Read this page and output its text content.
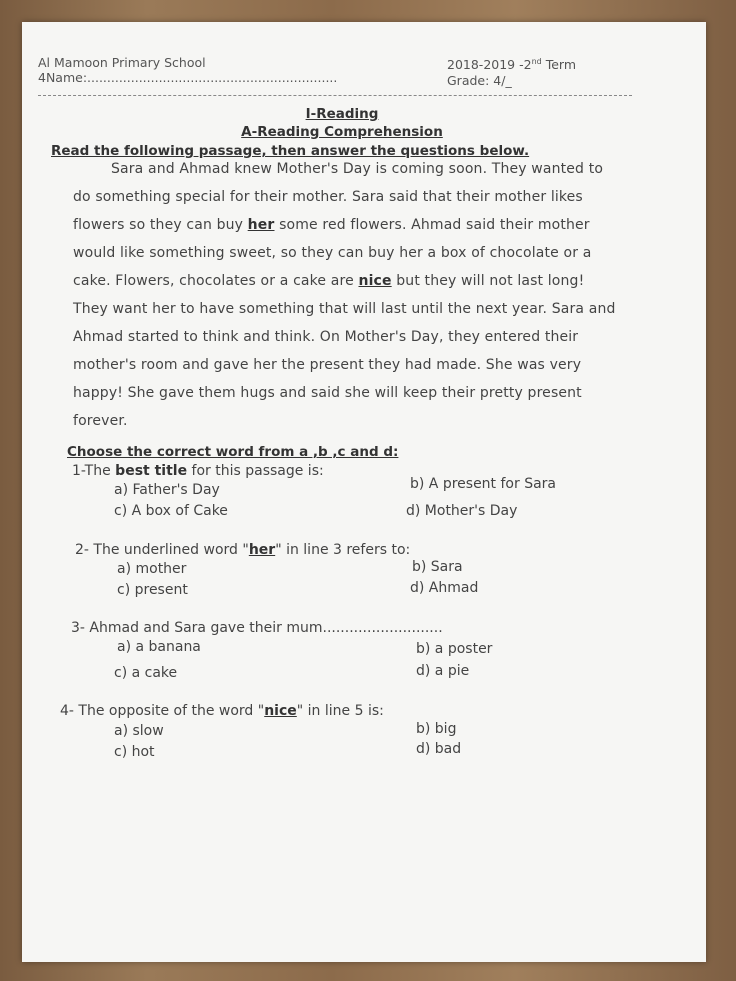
Al Mamoon Primary School
4Name:...............................................................
2018-2019 -2nd Term
Grade: 4/_
I-Reading
A-Reading Comprehension
Read the following passage, then answer the questions below.
Sara and Ahmad knew Mother's Day is coming soon. They wanted to
do something special for their mother. Sara said that their mother likes
flowers so they can buy her some red flowers. Ahmad said their mother
would like something sweet, so they can buy her a box of chocolate or a
cake. Flowers, chocolates or a cake are nice but they will not last long!
They want her to have something that will last until the next year. Sara and
Ahmad started to think and think. On Mother's Day, they entered their
mother's room and gave her the present they had made. She was very
happy! She gave them hugs and said she will keep their pretty present
forever.
Choose the correct word from a ,b ,c and d:
1-The best title for this passage is:
a) Father's Day	b) A present for Sara
c) A box of Cake	d) Mother's Day
2- The underlined word "her" in line 3 refers to:
a) mother	b) Sara
c) present	d) Ahmad
3- Ahmad and Sara gave their mum...........................
a) a banana	b) a poster
c) a cake	d) a pie
4- The opposite of the word "nice" in line 5 is:
a) slow	b) big
c) hot	d) bad
